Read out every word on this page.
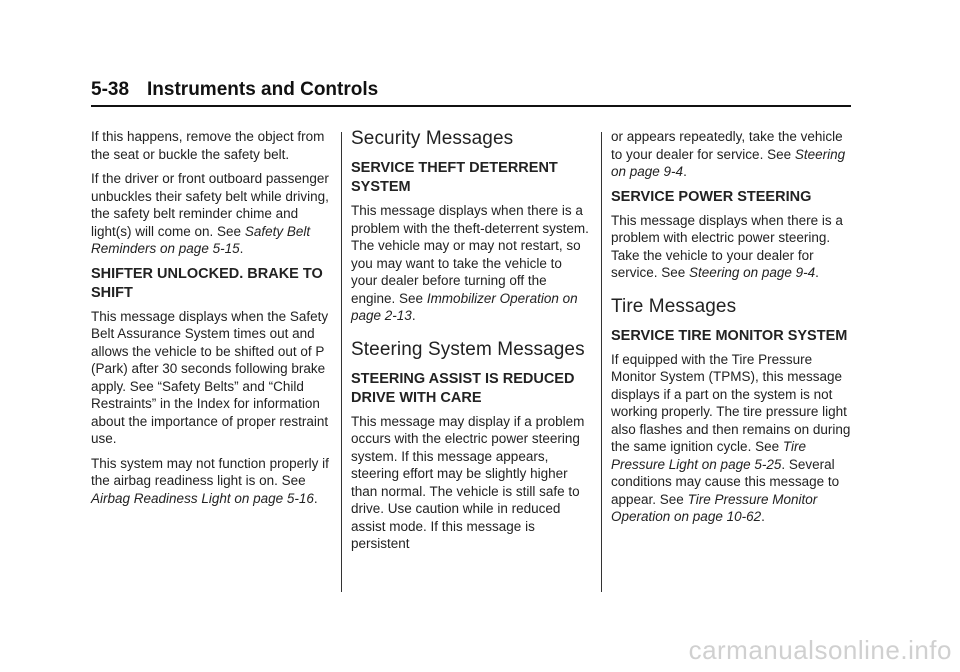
5-38 Instruments and Controls

If this happens, remove the object from the seat or buckle the safety belt.

If the driver or front outboard passenger unbuckles their safety belt while driving, the safety belt reminder chime and light(s) will come on. See Safety Belt Reminders on page 5-15.

SHIFTER UNLOCKED. BRAKE TO SHIFT

This message displays when the Safety Belt Assurance System times out and allows the vehicle to be shifted out of P (Park) after 30 seconds following brake apply. See “Safety Belts” and “Child Restraints” in the Index for information about the importance of proper restraint use.

This system may not function properly if the airbag readiness light is on. See Airbag Readiness Light on page 5-16.

Security Messages
SERVICE THEFT DETERRENT SYSTEM

This message displays when there is a problem with the theft-deterrent system. The vehicle may or may not restart, so you may want to take the vehicle to your dealer before turning off the engine. See Immobilizer Operation on page 2-13.

Steering System Messages
STEERING ASSIST IS REDUCED DRIVE WITH CARE

This message may display if a problem occurs with the electric power steering system. If this message appears, steering effort may be slightly higher than normal. The vehicle is still safe to drive. Use caution while in reduced assist mode. If this message is persistent

or appears repeatedly, take the vehicle to your dealer for service. See Steering on page 9-4.

SERVICE POWER STEERING

This message displays when there is a problem with electric power steering. Take the vehicle to your dealer for service. See Steering on page 9-4.

Tire Messages
SERVICE TIRE MONITOR SYSTEM

If equipped with the Tire Pressure Monitor System (TPMS), this message displays if a part on the system is not working properly. The tire pressure light also flashes and then remains on during the same ignition cycle. See Tire Pressure Light on page 5-25. Several conditions may cause this message to appear. See Tire Pressure Monitor Operation on page 10-62.

carmanualsonline.info
